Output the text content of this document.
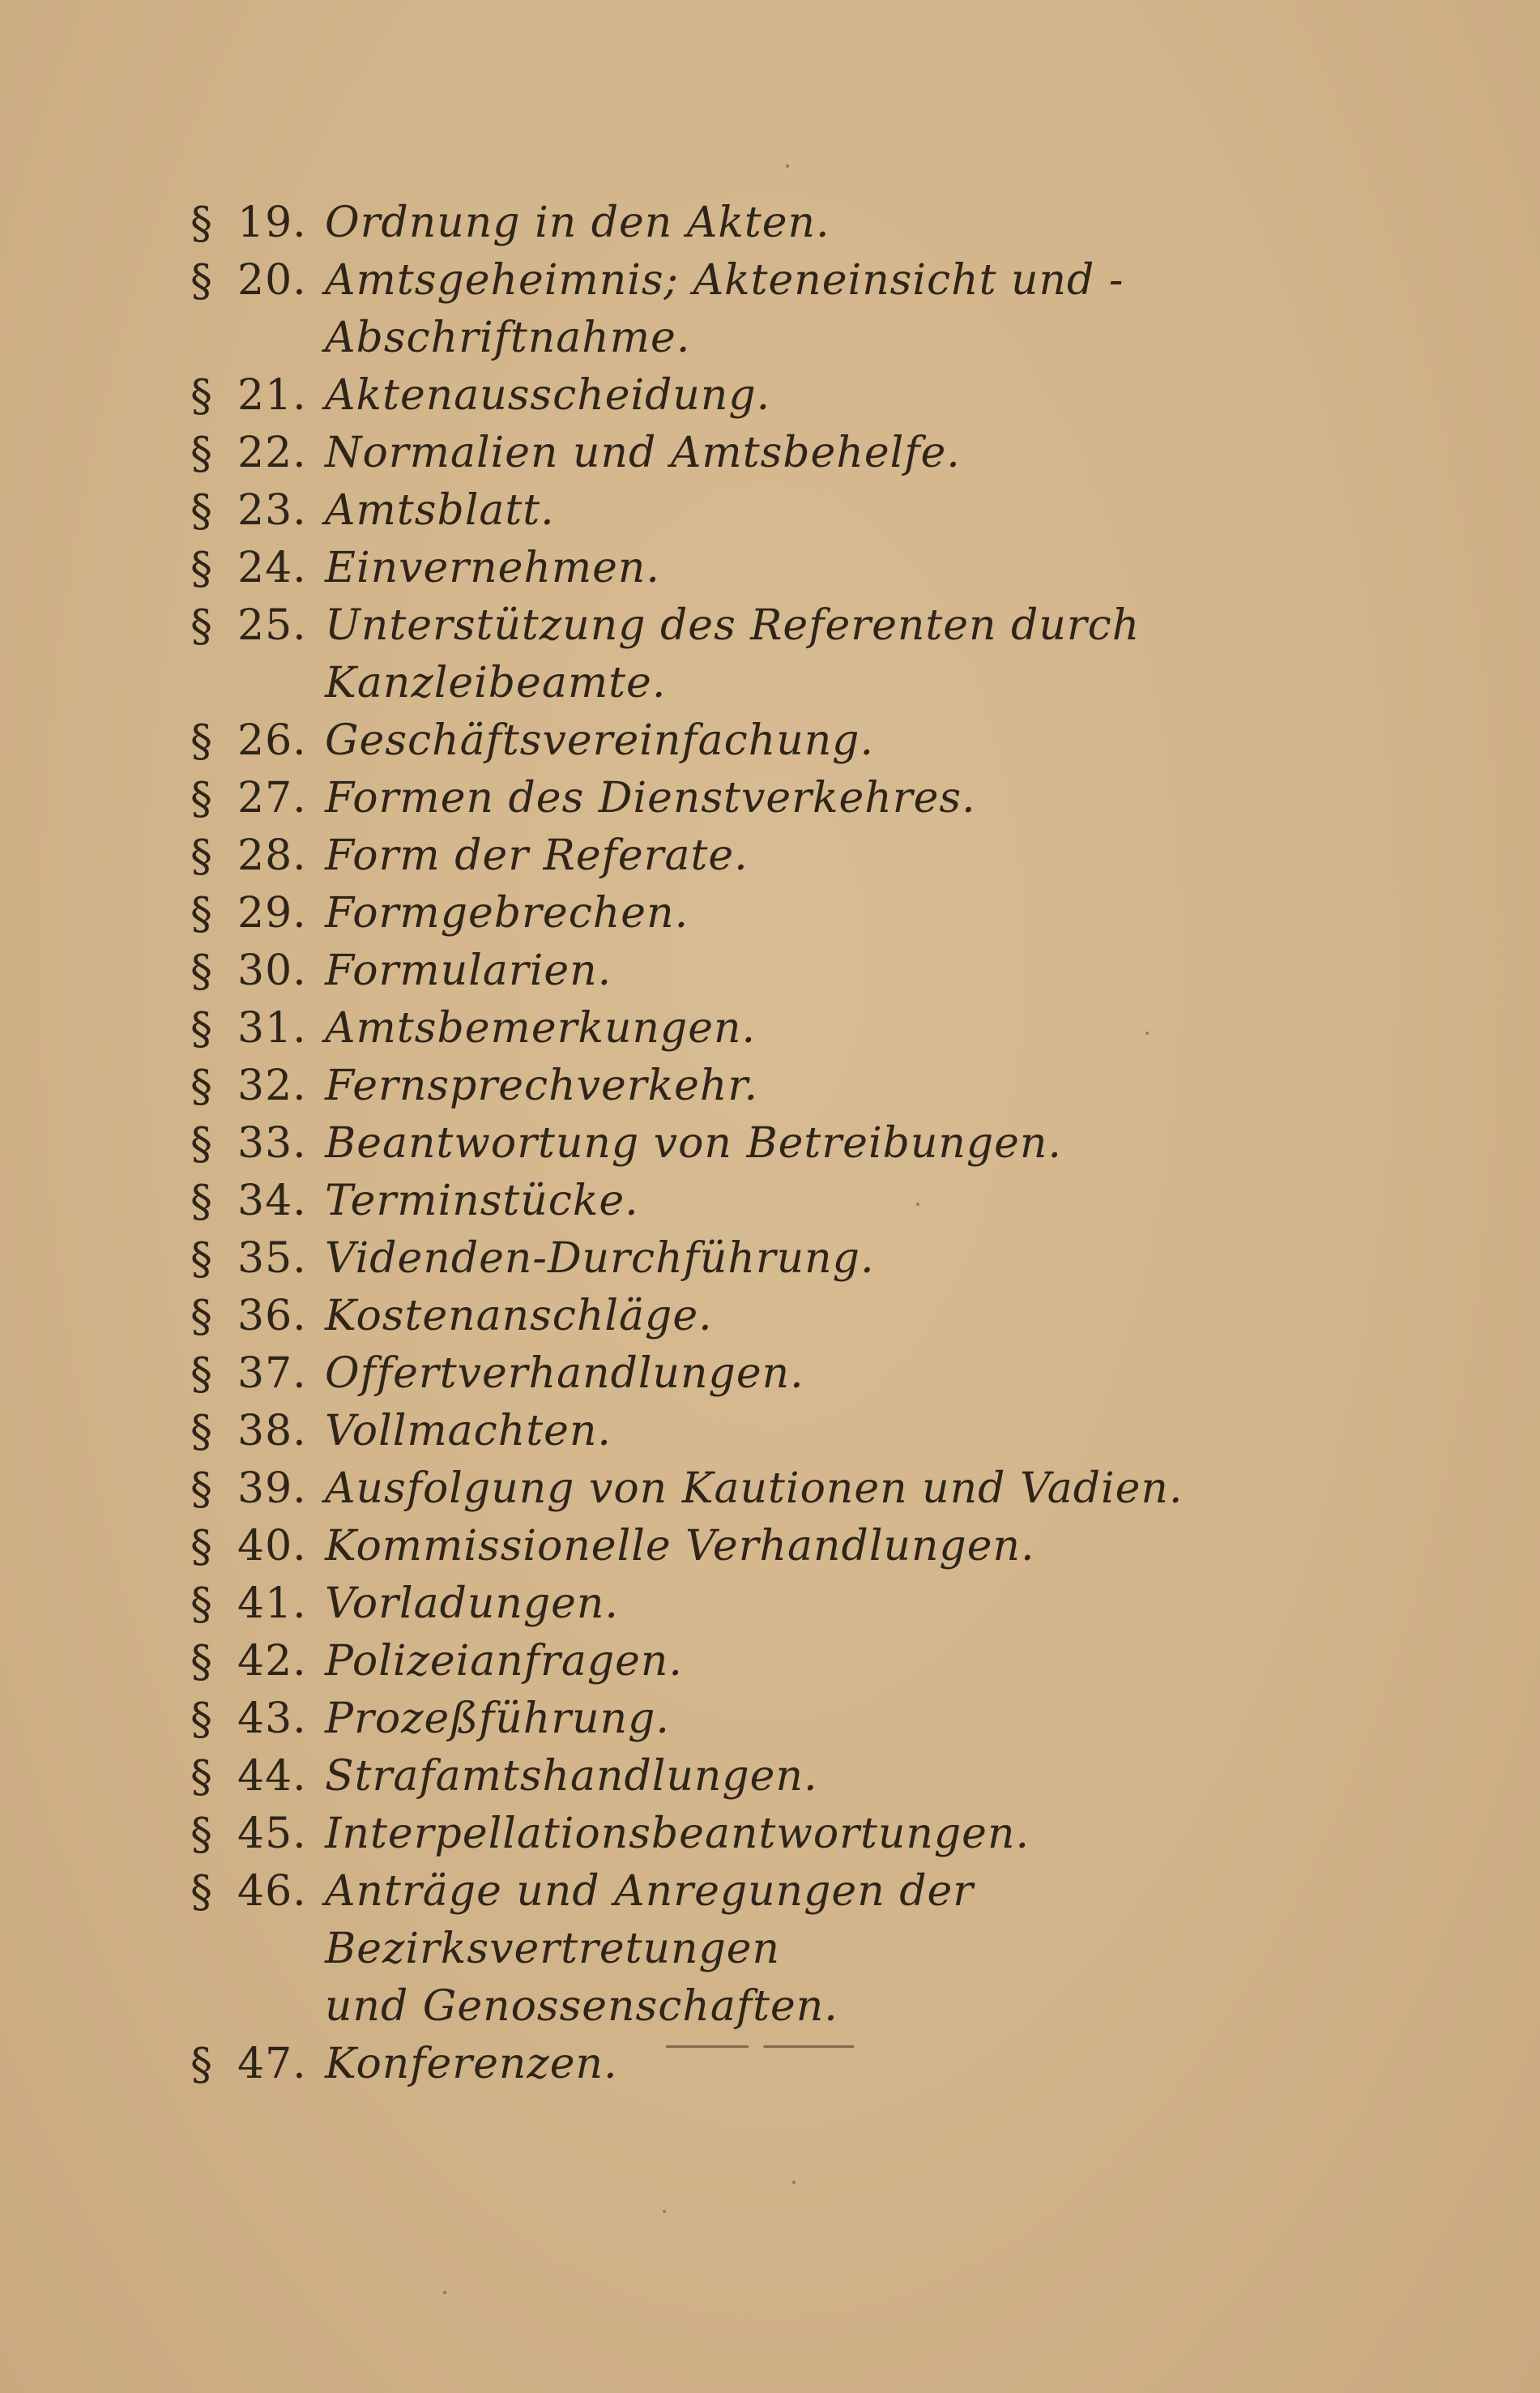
§ 19. Ordnung in den Akten.
§ 20. Amtsgeheimnis; Akteneinsicht und -Abschriftnahme.
§ 21. Aktenausscheidung.
§ 22. Normalien und Amtsbehelfe.
§ 23. Amtsblatt.
§ 24. Einvernehmen.
§ 25. Unterstützung des Referenten durch Kanzleibeamte.
§ 26. Geschäftsvereinfachung.
§ 27. Formen des Dienstverkehres.
§ 28. Form der Referate.
§ 29. Formgebrechen.
§ 30. Formularien.
§ 31. Amtsbemerkungen.
§ 32. Fernsprechverkehr.
§ 33. Beantwortung von Betreibungen.
§ 34. Terminstücke.
§ 35. Videnden-Durchführung.
§ 36. Kostenanschläge.
§ 37. Offertverhandlungen.
§ 38. Vollmachten.
§ 39. Ausfolgung von Kautionen und Vadien.
§ 40. Kommissionelle Verhandlungen.
§ 41. Vorladungen.
§ 42. Polizeianfragen.
§ 43. Prozeßführung.
§ 44. Strafamtshandlungen.
§ 45. Interpellationsbeantwortungen.
§ 46. Anträge und Anregungen der Bezirksvertretungen
und Genossenschaften.
§ 47. Konferenzen.
